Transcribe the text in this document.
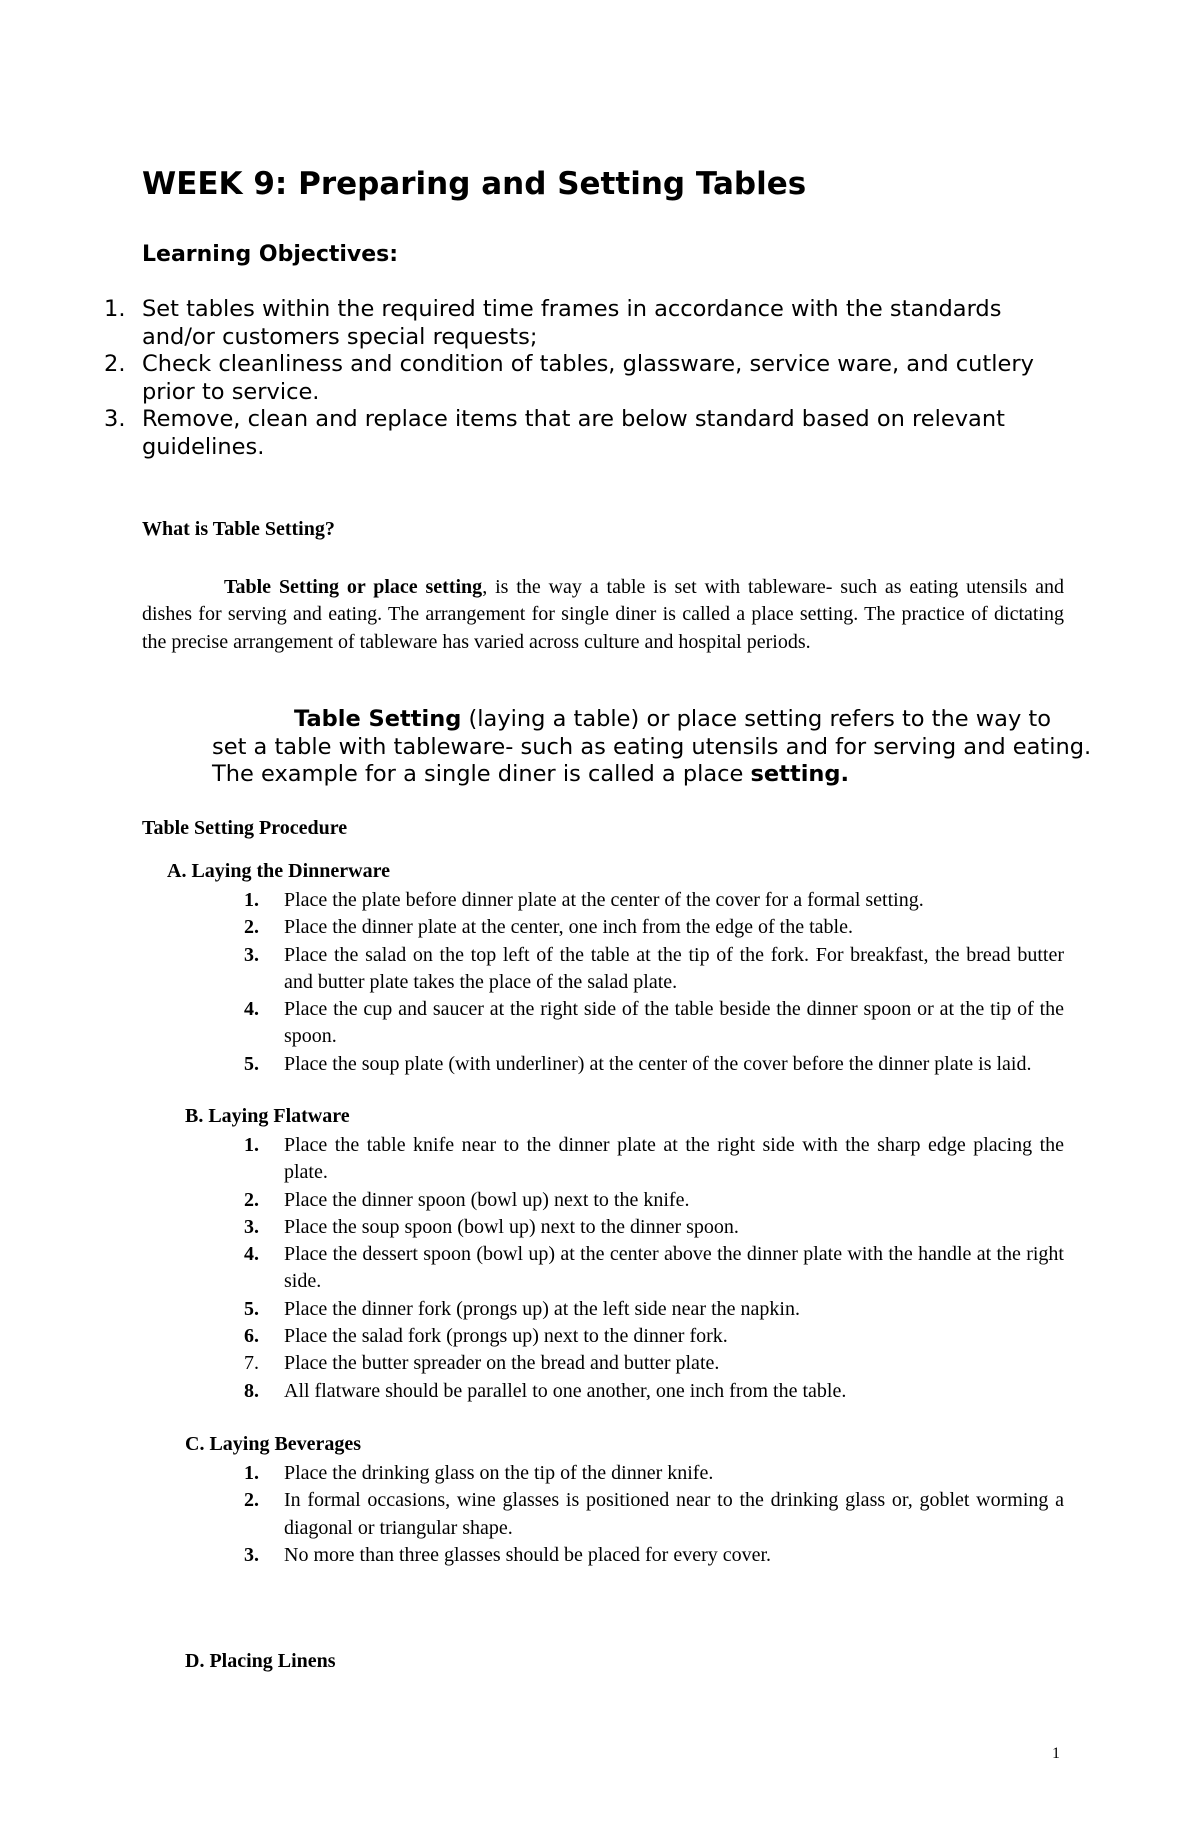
WEEK 9: Preparing and Setting Tables
Learning Objectives:
1. Set tables within the required time frames in accordance with the standards and/or customers special requests;
2. Check cleanliness and condition of tables, glassware, service ware, and cutlery prior to service.
3. Remove, clean and replace items that are below standard based on relevant guidelines.
What is Table Setting?

Table Setting or place setting, is the way a table is set with tableware- such as eating utensils and dishes for serving and eating. The arrangement for single diner is called a place setting. The practice of dictating the precise arrangement of tableware has varied across culture and hospital periods.

Table Setting (laying a table) or place setting refers to the way to set a table with tableware- such as eating utensils and for serving and eating. The example for a single diner is called a place setting.

Table Setting Procedure
A. Laying the Dinnerware
1. Place the plate before dinner plate at the center of the cover for a formal setting.
2. Place the dinner plate at the center, one inch from the edge of the table.
3. Place the salad on the top left of the table at the tip of the fork. For breakfast, the bread butter and butter plate takes the place of the salad plate.
4. Place the cup and saucer at the right side of the table beside the dinner spoon or at the tip of the spoon.
5. Place the soup plate (with underliner) at the center of the cover before the dinner plate is laid.
B. Laying Flatware
1. Place the table knife near to the dinner plate at the right side with the sharp edge placing the plate.
2. Place the dinner spoon (bowl up) next to the knife.
3. Place the soup spoon (bowl up) next to the dinner spoon.
4. Place the dessert spoon (bowl up) at the center above the dinner plate with the handle at the right side.
5. Place the dinner fork (prongs up) at the left side near the napkin.
6. Place the salad fork (prongs up) next to the dinner fork.
7. Place the butter spreader on the bread and butter plate.
8. All flatware should be parallel to one another, one inch from the table.
C. Laying Beverages
1. Place the drinking glass on the tip of the dinner knife.
2. In formal occasions, wine glasses is positioned near to the drinking glass or, goblet worming a diagonal or triangular shape.
3. No more than three glasses should be placed for every cover.
D. Placing Linens
1
